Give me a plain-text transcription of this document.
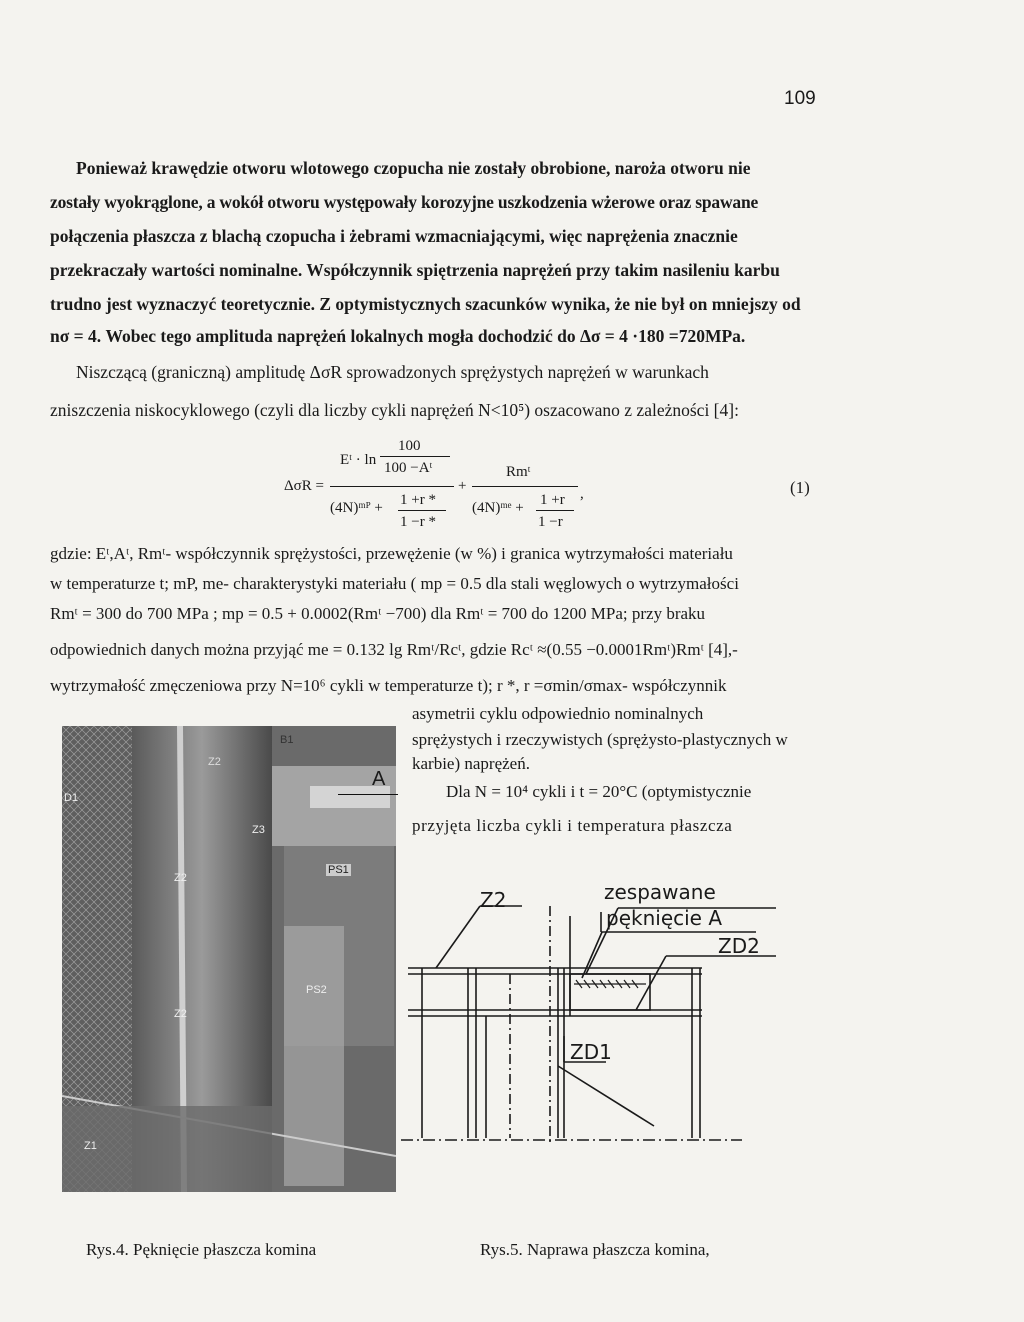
109
Ponieważ krawędzie otworu wlotowego czopucha nie zostały obrobione, naroża otworu nie
zostały wyokrąglone, a wokół otworu występowały korozyjne uszkodzenia wżerowe oraz spawane
połączenia płaszcza z blachą czopucha i żebrami wzmacniającymi, więc naprężenia znacznie
przekraczały wartości nominalne. Współczynnik spiętrzenia naprężeń przy takim nasileniu karbu
trudno jest wyznaczyć teoretycznie. Z optymistycznych szacunków wynika, że nie był on mniejszy od
nσ = 4. Wobec tego amplituda naprężeń lokalnych mogła dochodzić do Δσ = 4 ·180 =720MPa.
Niszczącą (graniczną) amplitudę ΔσR sprowadzonych sprężystych naprężeń w warunkach
zniszczenia niskocyklowego (czyli dla liczby cykli naprężeń N<10⁵) oszacowano z zależności [4]:
ΔσR =
Eᵗ · ln
100
100 −Aᵗ
(4N)ᵐᴾ + 1 +r *
1 −r *
+
Rmᵗ
(4N)ᵐᵉ + 1 +r
1 −r
,	(1)
gdzie: Eᵗ,Aᵗ, Rmᵗ- współczynnik sprężystości, przewężenie (w %) i granica wytrzymałości materiału
w temperaturze t; mP, me- charakterystyki materiału ( mp = 0.5 dla stali węglowych o wytrzymałości
Rmᵗ = 300 do 700 MPa ; mp = 0.5 + 0.0002(Rmᵗ −700) dla Rmᵗ = 700 do 1200 MPa; przy braku
odpowiednich danych można przyjąć me = 0.132 lg Rmᵗ/Rcᵗ, gdzie Rcᵗ ≈(0.55 −0.0001Rmᵗ)Rmᵗ [4],-
wytrzymałość zmęczeniowa przy N=10⁶ cykli w temperaturze t); r *, r =σmin/σmax- współczynnik
asymetrii cyklu odpowiednio nominalnych
sprężystych i rzeczywistych (sprężysto-plastycznych w
karbie) naprężeń.
Dla N = 10⁴ cykli i t = 20°C (optymistycznie
przyjęta liczba cykli i temperatura płaszcza
Z2
B1
D1
Z3
Z2
PS1
PS2
Z2
Z1
A
Z2	zespawane
pęknięcie A
ZD2
ZD1
Rys.4. Pęknięcie płaszcza komina	Rys.5. Naprawa płaszcza komina,
